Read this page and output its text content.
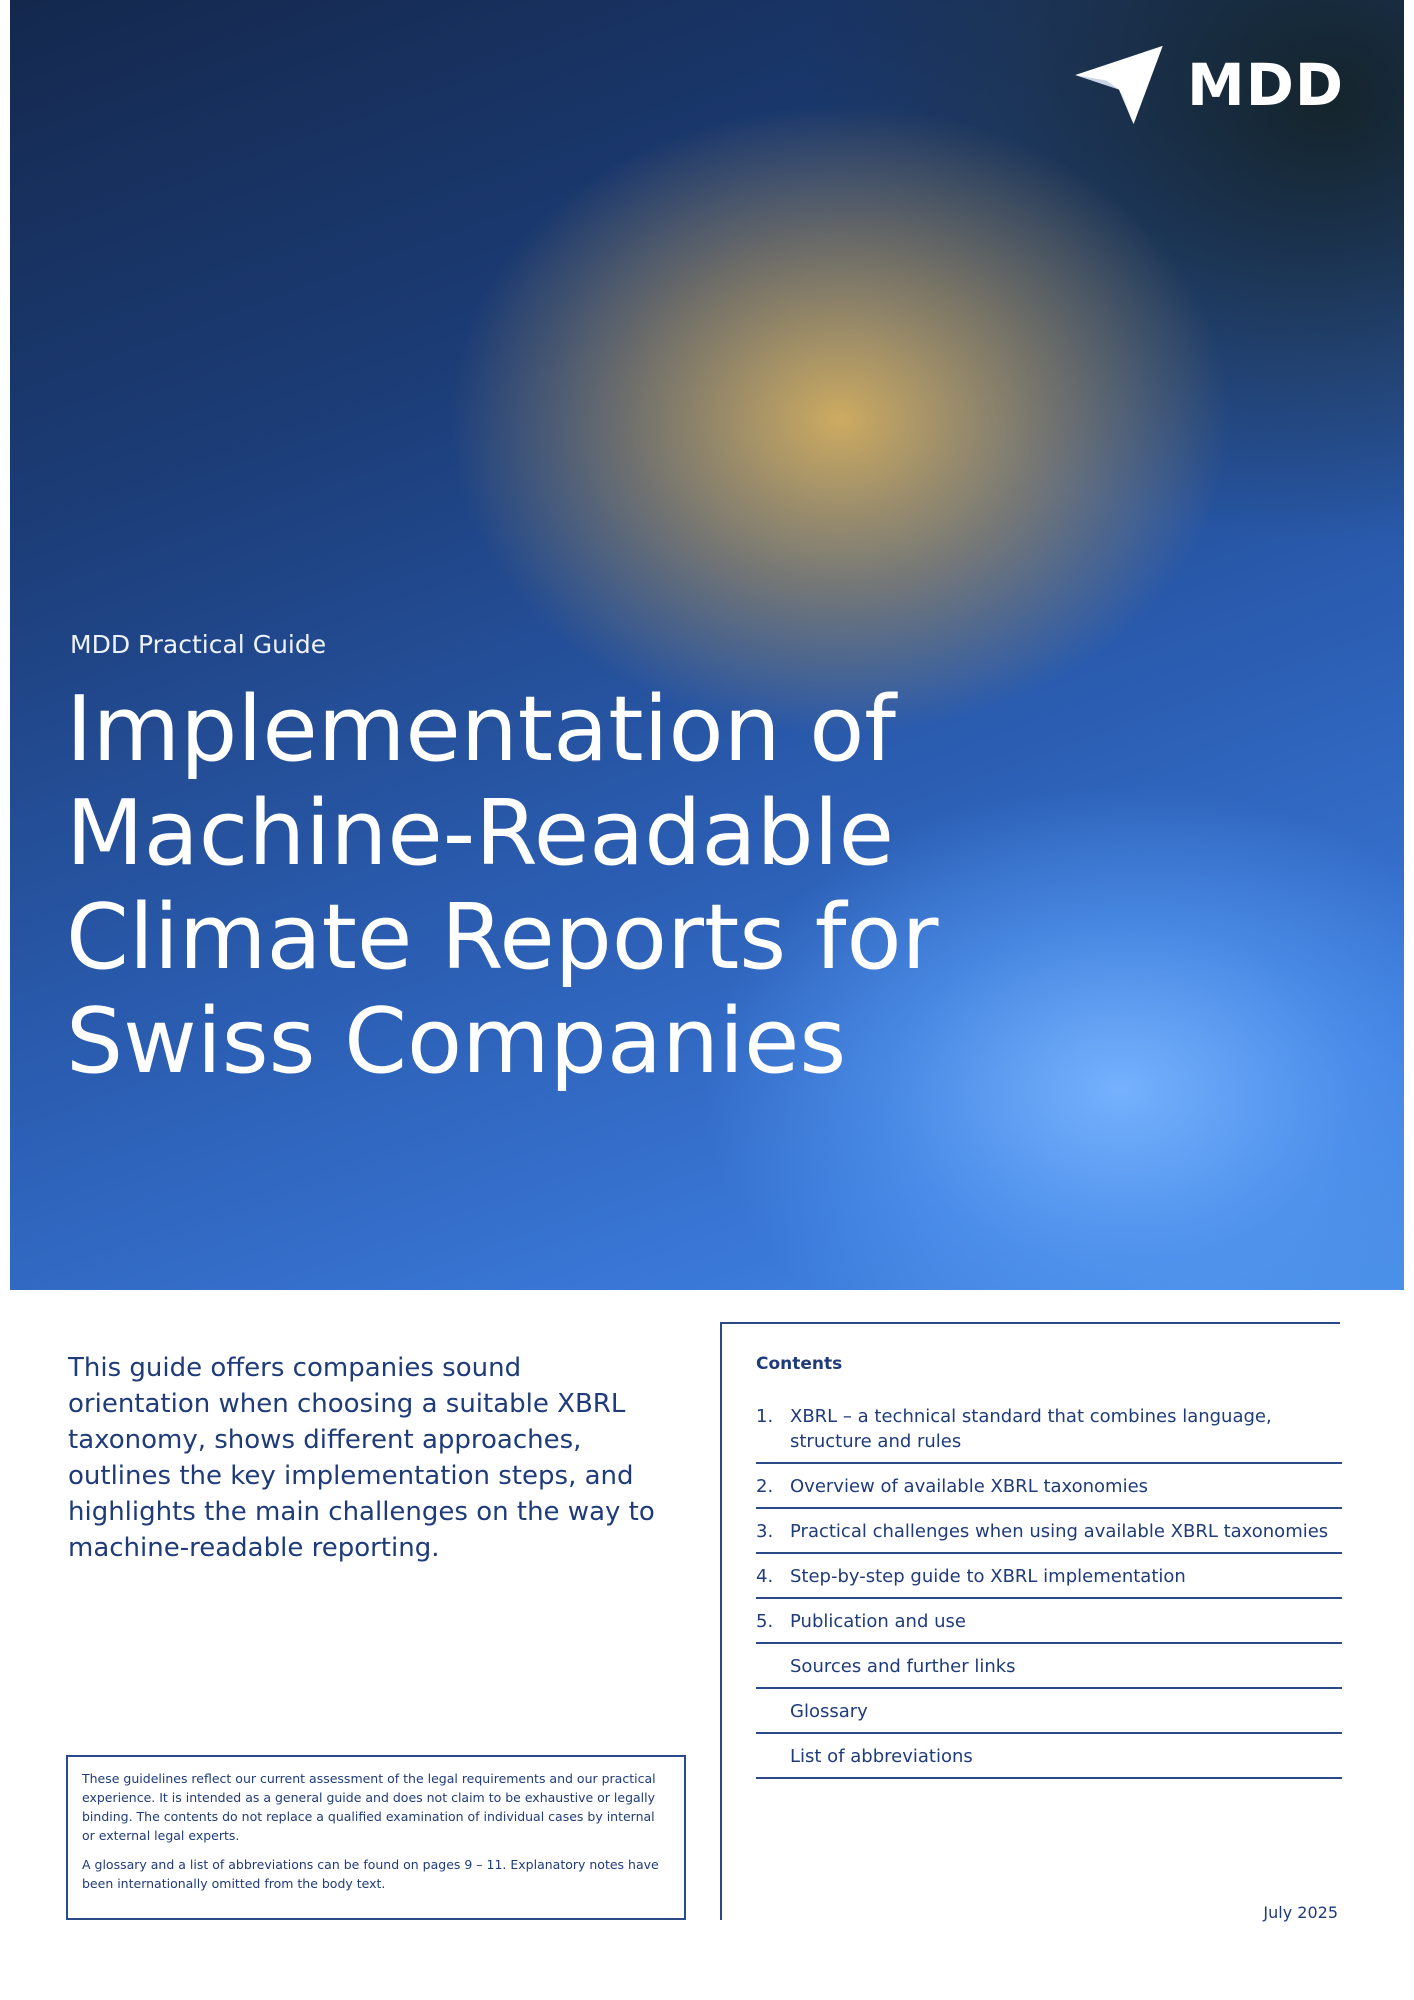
MDD
MDD Practical Guide
Implementation of
Machine-Readable
Climate Reports for
Swiss Companies

This guide offers companies sound orientation when choosing a suitable XBRL taxonomy, shows different approaches, outlines the key implementation steps, and highlights the main challenges on the way to machine-readable reporting.

These guidelines reflect our current assessment of the legal requirements and our practical experience. It is intended as a general guide and does not claim to be exhaustive or legally binding. The contents do not replace a qualified examination of individual cases by internal or external legal experts.

A glossary and a list of abbreviations can be found on pages 9 – 11. Explanatory notes have been internationally omitted from the body text.

Contents
1. XBRL – a technical standard that combines language, structure and rules
2. Overview of available XBRL taxonomies
3. Practical challenges when using available XBRL taxonomies
4. Step-by-step guide to XBRL implementation
5. Publication and use
Sources and further links
Glossary
List of abbreviations
July 2025
